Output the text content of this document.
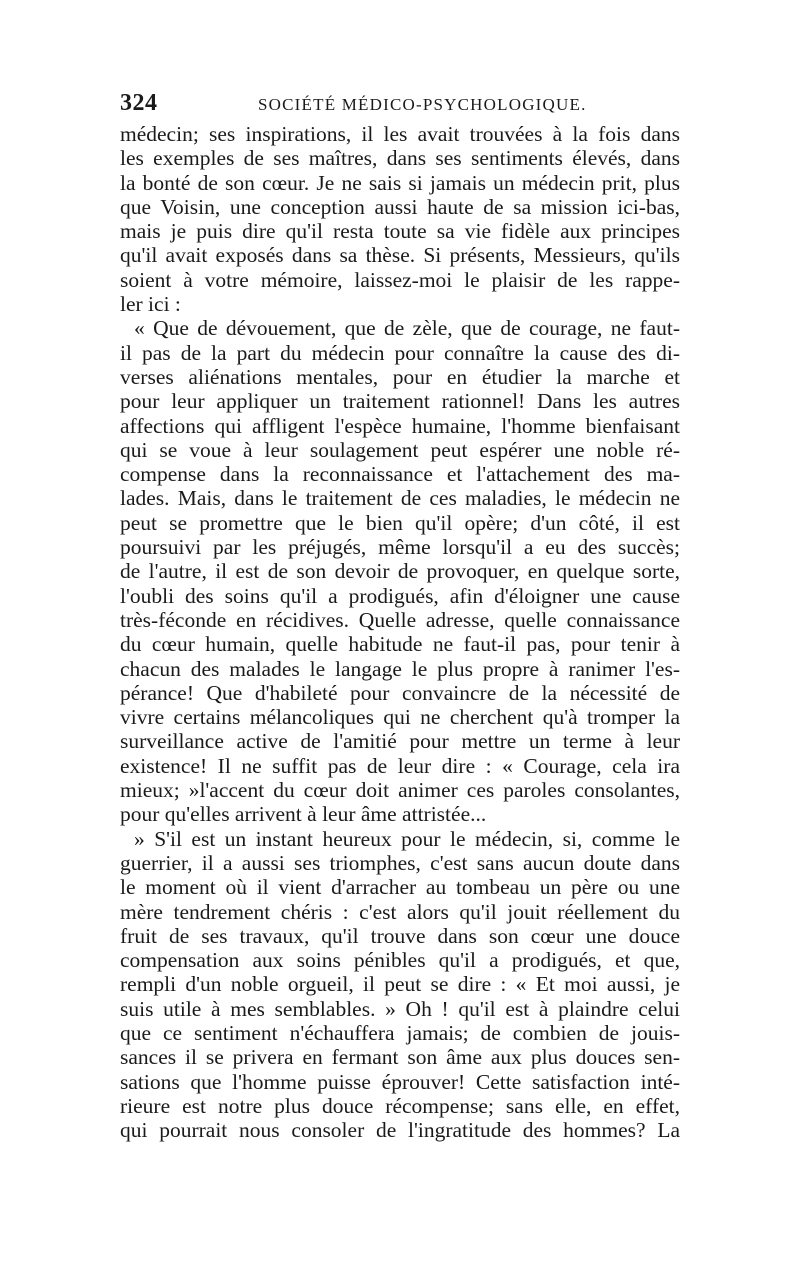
324	SOCIÉTÉ MÉDICO-PSYCHOLOGIQUE.
médecin; ses inspirations, il les avait trouvées à la fois dans
les exemples de ses maîtres, dans ses sentiments élevés, dans
la bonté de son cœur. Je ne sais si jamais un médecin prit, plus
que Voisin, une conception aussi haute de sa mission ici-bas,
mais je puis dire qu'il resta toute sa vie fidèle aux principes
qu'il avait exposés dans sa thèse. Si présents, Messieurs, qu'ils
soient à votre mémoire, laissez-moi le plaisir de les rappe-
ler ici :
« Que de dévouement, que de zèle, que de courage, ne faut-
il pas de la part du médecin pour connaître la cause des di-
verses aliénations mentales, pour en étudier la marche et
pour leur appliquer un traitement rationnel! Dans les autres
affections qui affligent l'espèce humaine, l'homme bienfaisant
qui se voue à leur soulagement peut espérer une noble ré-
compense dans la reconnaissance et l'attachement des ma-
lades. Mais, dans le traitement de ces maladies, le médecin ne
peut se promettre que le bien qu'il opère; d'un côté, il est
poursuivi par les préjugés, même lorsqu'il a eu des succès;
de l'autre, il est de son devoir de provoquer, en quelque sorte,
l'oubli des soins qu'il a prodigués, afin d'éloigner une cause
très-féconde en récidives. Quelle adresse, quelle connaissance
du cœur humain, quelle habitude ne faut-il pas, pour tenir à
chacun des malades le langage le plus propre à ranimer l'es-
pérance! Que d'habileté pour convaincre de la nécessité de
vivre certains mélancoliques qui ne cherchent qu'à tromper la
surveillance active de l'amitié pour mettre un terme à leur
existence! Il ne suffit pas de leur dire : « Courage, cela ira
mieux; »l'accent du cœur doit animer ces paroles consolantes,
pour qu'elles arrivent à leur âme attristée...
» S'il est un instant heureux pour le médecin, si, comme le
guerrier, il a aussi ses triomphes, c'est sans aucun doute dans
le moment où il vient d'arracher au tombeau un père ou une
mère tendrement chéris : c'est alors qu'il jouit réellement du
fruit de ses travaux, qu'il trouve dans son cœur une douce
compensation aux soins pénibles qu'il a prodigués, et que,
rempli d'un noble orgueil, il peut se dire : « Et moi aussi, je
suis utile à mes semblables. » Oh ! qu'il est à plaindre celui
que ce sentiment n'échauffera jamais; de combien de jouis-
sances il se privera en fermant son âme aux plus douces sen-
sations que l'homme puisse éprouver! Cette satisfaction inté-
rieure est notre plus douce récompense; sans elle, en effet,
qui pourrait nous consoler de l'ingratitude des hommes? La
